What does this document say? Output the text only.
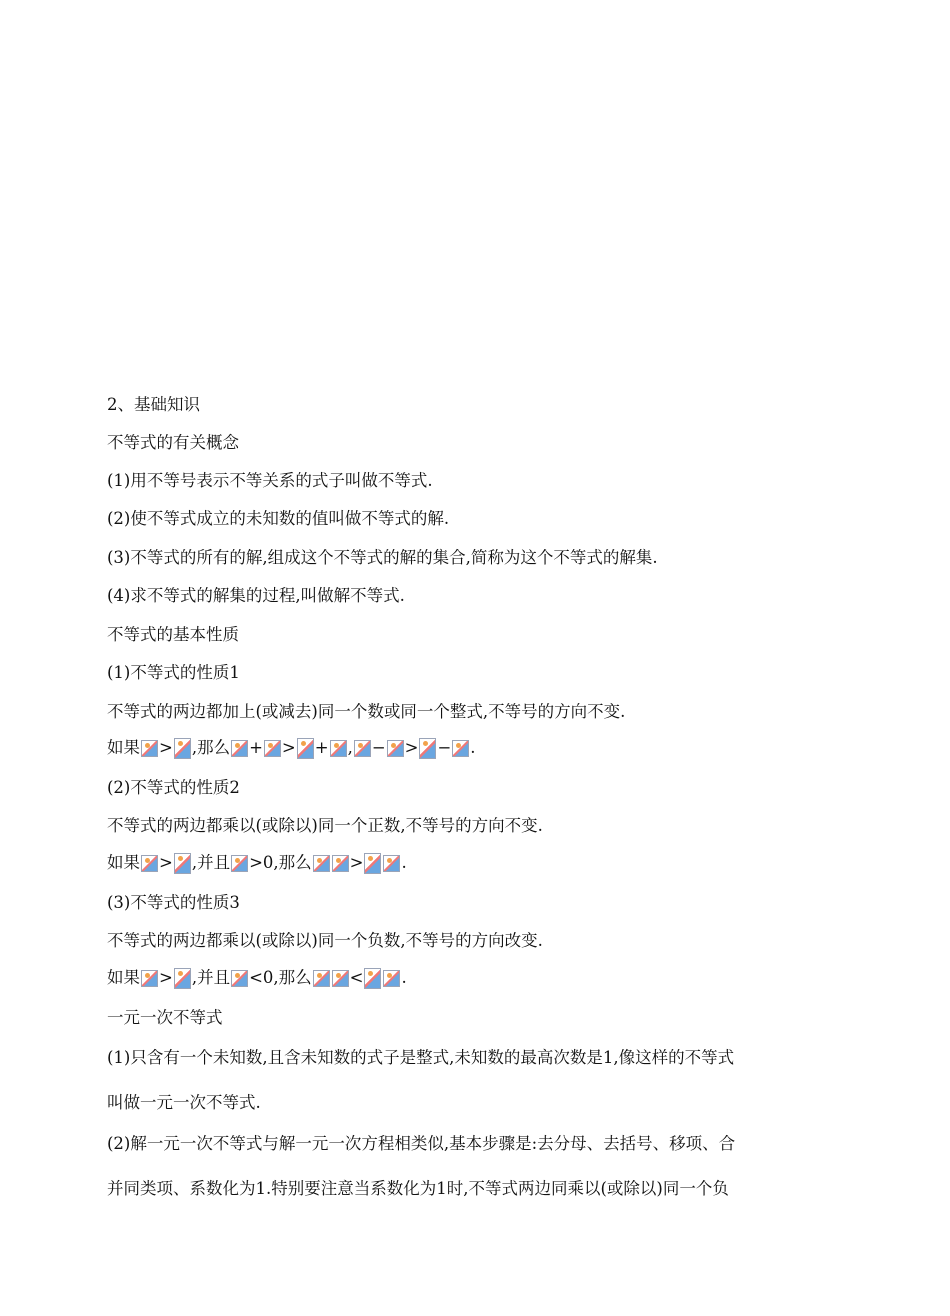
2、基础知识
不等式的有关概念
(1)用不等号表示不等关系的式子叫做不等式.
(2)使不等式成立的未知数的值叫做不等式的解.
(3)不等式的所有的解,组成这个不等式的解的集合,简称为这个不等式的解集.
(4)求不等式的解集的过程,叫做解不等式.
不等式的基本性质
(1)不等式的性质1
不等式的两边都加上(或减去)同一个数或同一个整式,不等号的方向不变.
如果 > ,那么 + > + , − > − .
(2)不等式的性质2
不等式的两边都乘以(或除以)同一个正数,不等号的方向不变.
如果 > ,并且 >0,那么 > .
(3)不等式的性质3
不等式的两边都乘以(或除以)同一个负数,不等号的方向改变.
如果 > ,并且 <0,那么 < .
一元一次不等式
(1)只含有一个未知数,且含未知数的式子是整式,未知数的最高次数是1,像这样的不等式
叫做一元一次不等式.
(2)解一元一次不等式与解一元一次方程相类似,基本步骤是:去分母、去括号、移项、合
并同类项、系数化为1.特别要注意当系数化为1时,不等式两边同乘以(或除以)同一个负
